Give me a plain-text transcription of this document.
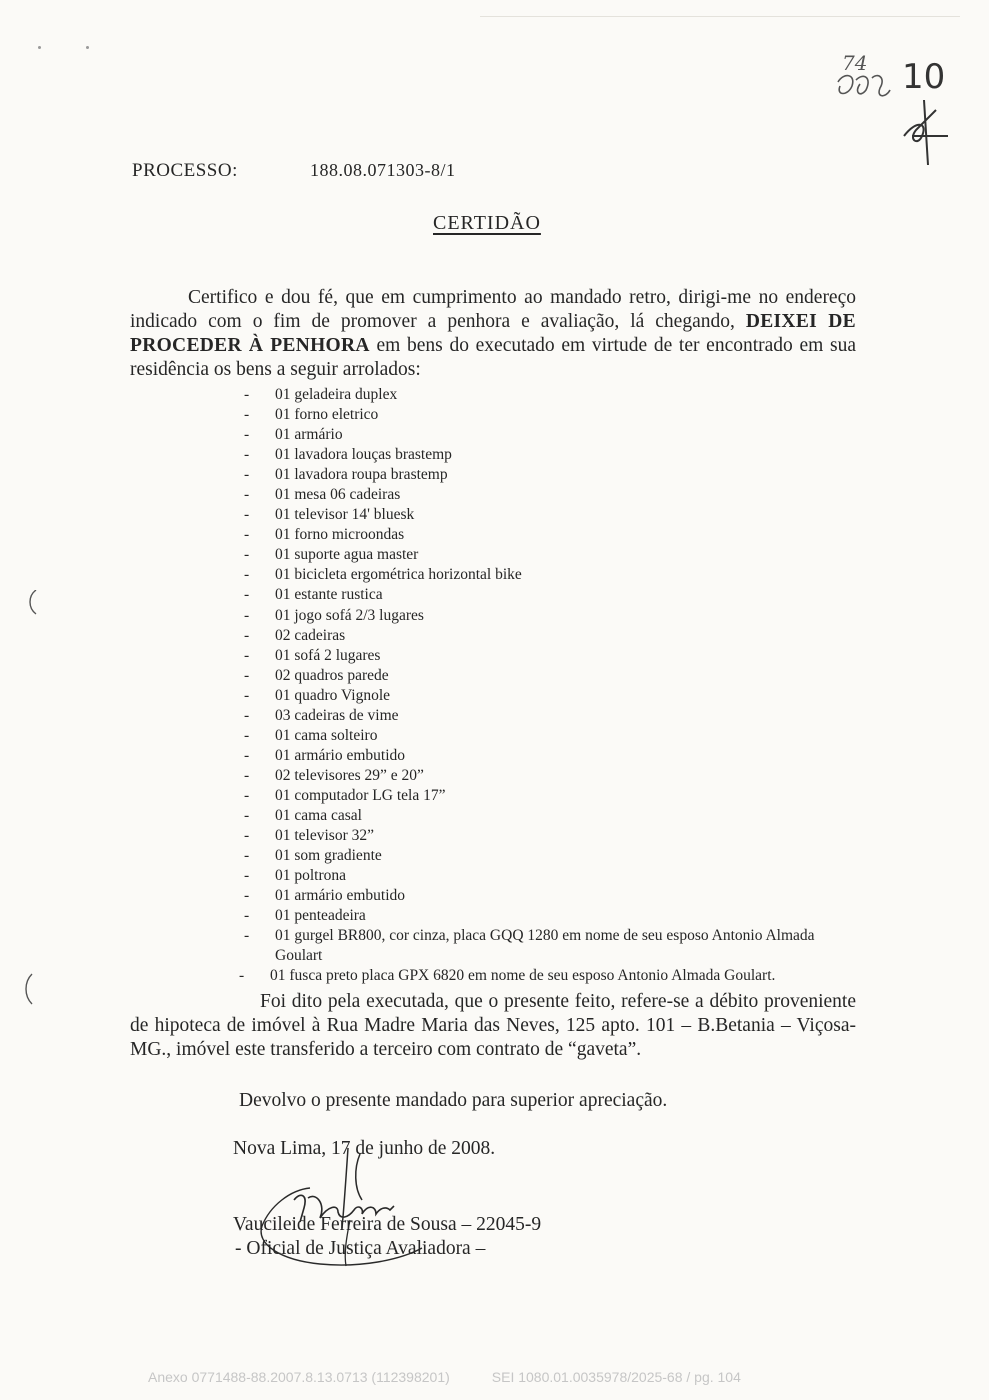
74 10
PROCESSO:	188.08.071303-8/1
CERTIDÃO

Certifico e dou fé, que em cumprimento ao mandado retro, dirigi-me no endereço indicado com o fim de promover a penhora e avaliação, lá chegando, DEIXEI DE PROCEDER À PENHORA em bens do executado em virtude de ter encontrado em sua residência os bens a seguir arrolados:

- 01 geladeira duplex
- 01 forno eletrico
- 01 armário
- 01 lavadora louças brastemp
- 01 lavadora roupa brastemp
- 01 mesa 06 cadeiras
- 01 televisor 14' bluesk
- 01 forno microondas
- 01 suporte agua master
- 01 bicicleta ergométrica horizontal bike
- 01 estante rustica
- 01 jogo sofá 2/3 lugares
- 02 cadeiras
- 01 sofá 2 lugares
- 02 quadros parede
- 01 quadro Vignole
- 03 cadeiras de vime
- 01 cama solteiro
- 01 armário embutido
- 02 televisores 29” e 20”
- 01 computador LG tela 17”
- 01 cama casal
- 01 televisor 32”
- 01 som gradiente
- 01 poltrona
- 01 armário embutido
- 01 penteadeira
- 01 gurgel BR800, cor cinza, placa GQQ 1280 em nome de seu esposo Antonio Almada Goulart
- 01 fusca preto placa GPX 6820 em nome de seu esposo Antonio Almada Goulart.

Foi dito pela executada, que o presente feito, refere-se a débito proveniente de hipoteca de imóvel à Rua Madre Maria das Neves, 125 apto. 101 – B.Betania – Viçosa-MG., imóvel este transferido a terceiro com contrato de “gaveta”.

Devolvo o presente mandado para superior apreciação.
Nova Lima, 17 de junho de 2008.
Vaucileide Ferreira de Sousa – 22045-9
- Oficial de Justiça Avaliadora –
Anexo 0771488-88.2007.8.13.0713 (112398201)	SEI 1080.01.0035978/2025-68 / pg. 104
